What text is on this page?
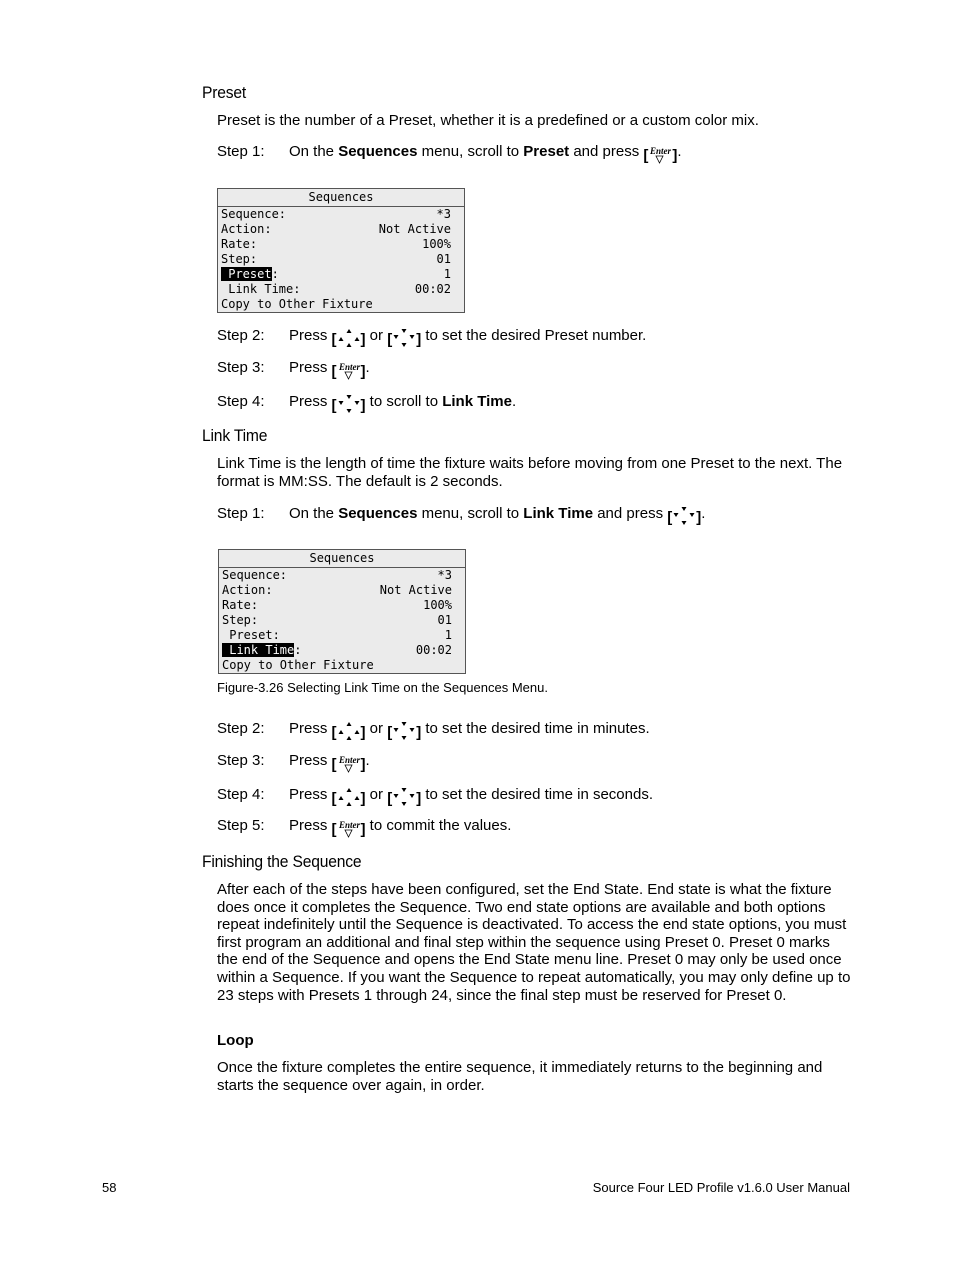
Preset
Preset is the number of a Preset, whether it is a predefined or a custom color mix.
Step 1: On the Sequences menu, scroll to Preset and press [ Enter ].
Sequences
Sequence:	*3
Action:	Not Active
Rate:	100%
Step:	01
Preset:	1
Link Time:	00:02
Copy to Other Fixture
Step 2: Press [ ] or [ ] to set the desired Preset number.
Step 3: Press [ Enter ].
Step 4: Press [ ] to scroll to Link Time.
Link Time
Link Time is the length of time the fixture waits before moving from one Preset to the next. The format is MM:SS. The default is 2 seconds.
Step 1: On the Sequences menu, scroll to Link Time and press [ ].
Sequences
Sequence:	*3
Action:	Not Active
Rate:	100%
Step:	01
Preset:	1
Link Time:	00:02
Copy to Other Fixture
Figure-3.26 Selecting Link Time on the Sequences Menu.
Step 2: Press [ ] or [ ] to set the desired time in minutes.
Step 3: Press [ Enter ].
Step 4: Press [ ] or [ ] to set the desired time in seconds.
Step 5: Press [ Enter ] to commit the values.
Finishing the Sequence
After each of the steps have been configured, set the End State. End state is what the fixture does once it completes the Sequence. Two end state options are available and both options repeat indefinitely until the Sequence is deactivated. To access the end state options, you must first program an additional and final step within the sequence using Preset 0. Preset 0 marks the end of the Sequence and opens the End State menu line. Preset 0 may only be used once within a Sequence. If you want the Sequence to repeat automatically, you may only define up to 23 steps with Presets 1 through 24, since the final step must be reserved for Preset 0.
Loop
Once the fixture completes the entire sequence, it immediately returns to the beginning and starts the sequence over again, in order.
58	Source Four LED Profile v1.6.0 User Manual
